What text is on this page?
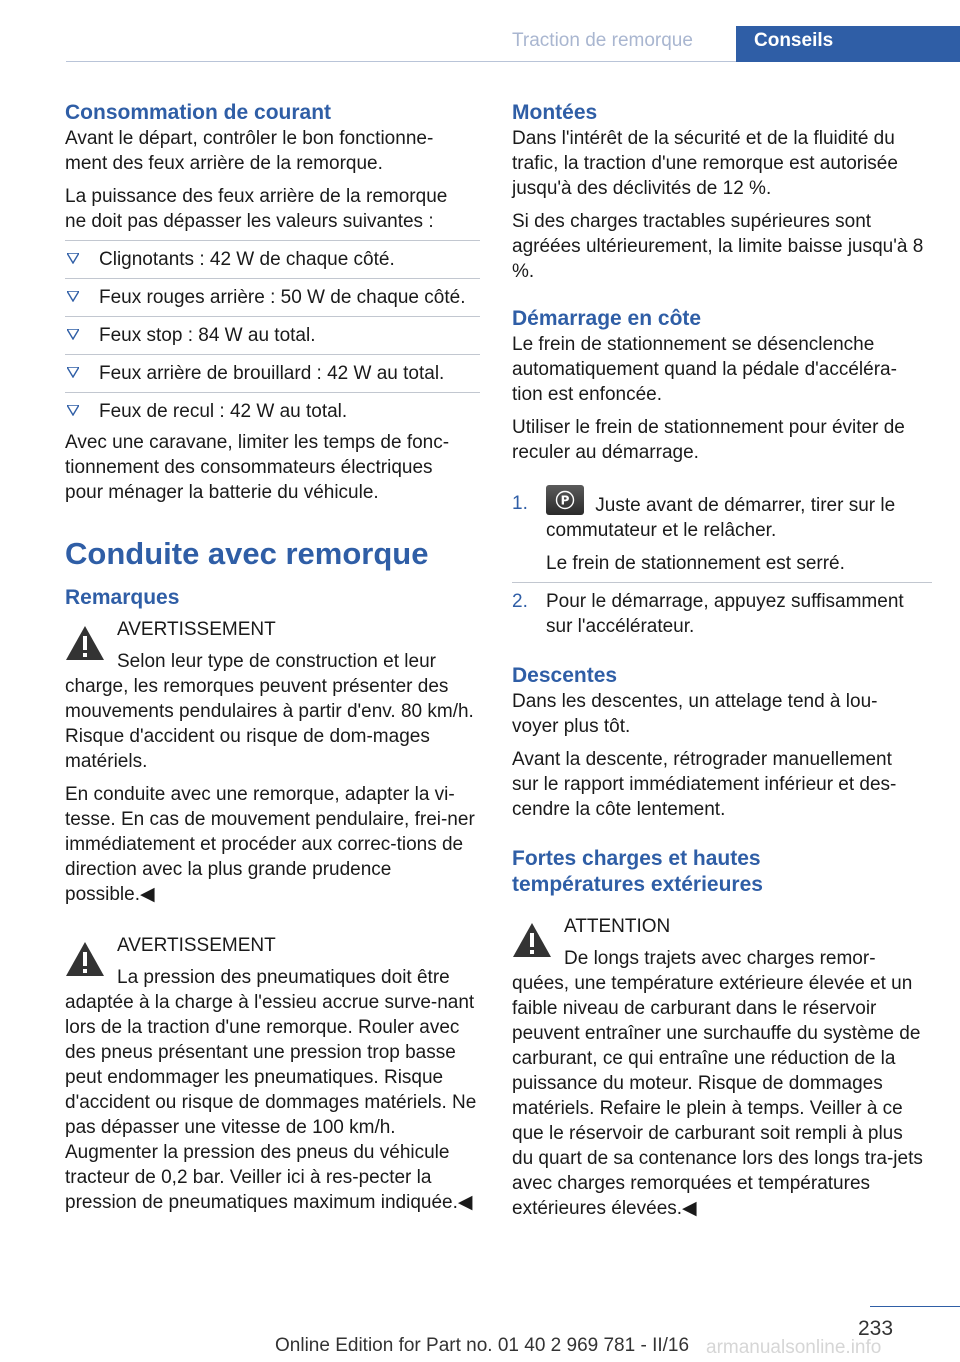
Traction de remorque	Conseils
Consommation de courant

Avant le départ, contrôler le bon fonctionne-ment des feux arrière de la remorque.

La puissance des feux arrière de la remorque ne doit pas dépasser les valeurs suivantes :

Clignotants : 42 W de chaque côté.
Feux rouges arrière : 50 W de chaque côté.
Feux stop : 84 W au total.
Feux arrière de brouillard : 42 W au total.
Feux de recul : 42 W au total.

Avec une caravane, limiter les temps de fonc-tionnement des consommateurs électriques pour ménager la batterie du véhicule.

Conduite avec remorque
Remarques
AVERTISSEMENT

Selon leur type de construction et leur charge, les remorques peuvent présenter des mouvements pendulaires à partir d'env. 80 km/h. Risque d'accident ou risque de dom-mages matériels.

En conduite avec une remorque, adapter la vi-tesse. En cas de mouvement pendulaire, frei-ner immédiatement et procéder aux correc-tions de direction avec la plus grande prudence possible.◀

AVERTISSEMENT

La pression des pneumatiques doit être adaptée à la charge à l'essieu accrue surve-nant lors de la traction d'une remorque. Rouler avec des pneus présentant une pression trop basse peut endommager les pneumatiques. Risque d'accident ou risque de dommages matériels. Ne pas dépasser une vitesse de 100 km/h. Augmenter la pression des pneus du véhicule tracteur de 0,2 bar. Veiller ici à res-pecter la pression de pneumatiques maximum indiquée.◀

Montées

Dans l'intérêt de la sécurité et de la fluidité du trafic, la traction d'une remorque est autorisée jusqu'à des déclivités de 12 %.

Si des charges tractables supérieures sont agréées ultérieurement, la limite baisse jusqu'à 8 %.

Démarrage en côte

Le frein de stationnement se désenclenche automatiquement quand la pédale d'accéléra-tion est enfoncée.

Utiliser le frein de stationnement pour éviter de reculer au démarrage.

1.	P Juste avant de démarrer, tirer sur le commutateur et le relâcher.

Le frein de stationnement est serré.

2. Pour le démarrage, appuyez suffisamment sur l'accélérateur.
Descentes

Dans les descentes, un attelage tend à lou-voyer plus tôt.

Avant la descente, rétrograder manuellement sur le rapport immédiatement inférieur et des-cendre la côte lentement.

Fortes charges et hautes
températures extérieures
ATTENTION

De longs trajets avec charges remor-quées, une température extérieure élevée et un faible niveau de carburant dans le réservoir peuvent entraîner une surchauffe du système de carburant, ce qui entraîne une réduction de la puissance du moteur. Risque de dommages matériels. Refaire le plein à temps. Veiller à ce que le réservoir de carburant soit rempli à plus du quart de sa contenance lors des longs tra-jets avec charges remorquées et températures extérieures élevées.◀

233
Online Edition for Part no. 01 40 2 969 781 - II/16 armanualsonline.info
